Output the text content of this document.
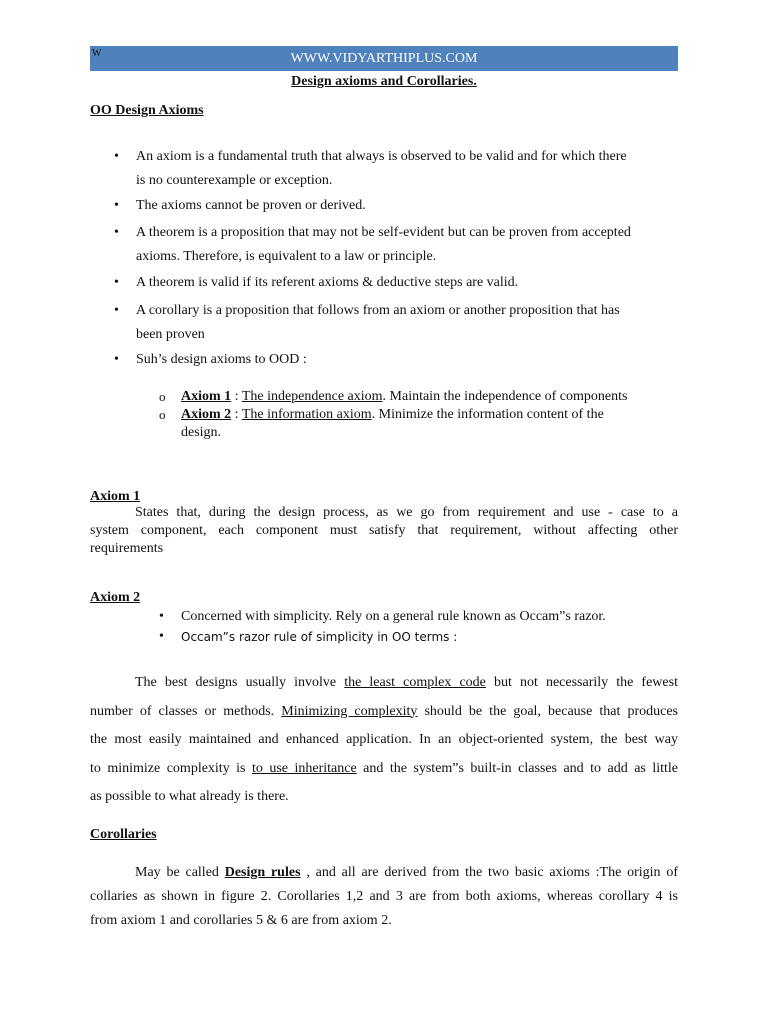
WWW.VIDYARTHIPLUS.COM
W
Design axioms and Corollaries.
OO Design Axioms
• An axiom is a fundamental truth that always is observed to be valid and for which there
is no counterexample or exception.
• The axioms cannot be proven or derived.
• A theorem is a proposition that may not be self-evident but can be proven from accepted
axioms. Therefore, is equivalent to a law or principle.
• A theorem is valid if its referent axioms & deductive steps are valid.
• A corollary is a proposition that follows from an axiom or another proposition that has
been proven
• Suh’s design axioms to OOD :
o Axiom 1 : The independence axiom. Maintain the independence of components
o Axiom 2 : The information axiom. Minimize the information content of the
design.
Axiom 1
States that, during the design process, as we go from requirement and use - case to a
system component, each component must satisfy that requirement, without affecting other
requirements
Axiom 2
• Concerned with simplicity. Rely on a general rule known as Occam”s razor.
• Occam”s razor rule of simplicity in OO terms :
The best designs usually involve the least complex code but not necessarily the fewest
number of classes or methods. Minimizing complexity should be the goal, because that produces
the most easily maintained and enhanced application. In an object-oriented system, the best way
to minimize complexity is to use inheritance and the system”s built-in classes and to add as little
as possible to what already is there.
Corollaries
May be called Design rules , and all are derived from the two basic axioms :The origin of
collaries as shown in figure 2. Corollaries 1,2 and 3 are from both axioms, whereas corollary 4 is
from axiom 1 and corollaries 5 & 6 are from axiom 2.
